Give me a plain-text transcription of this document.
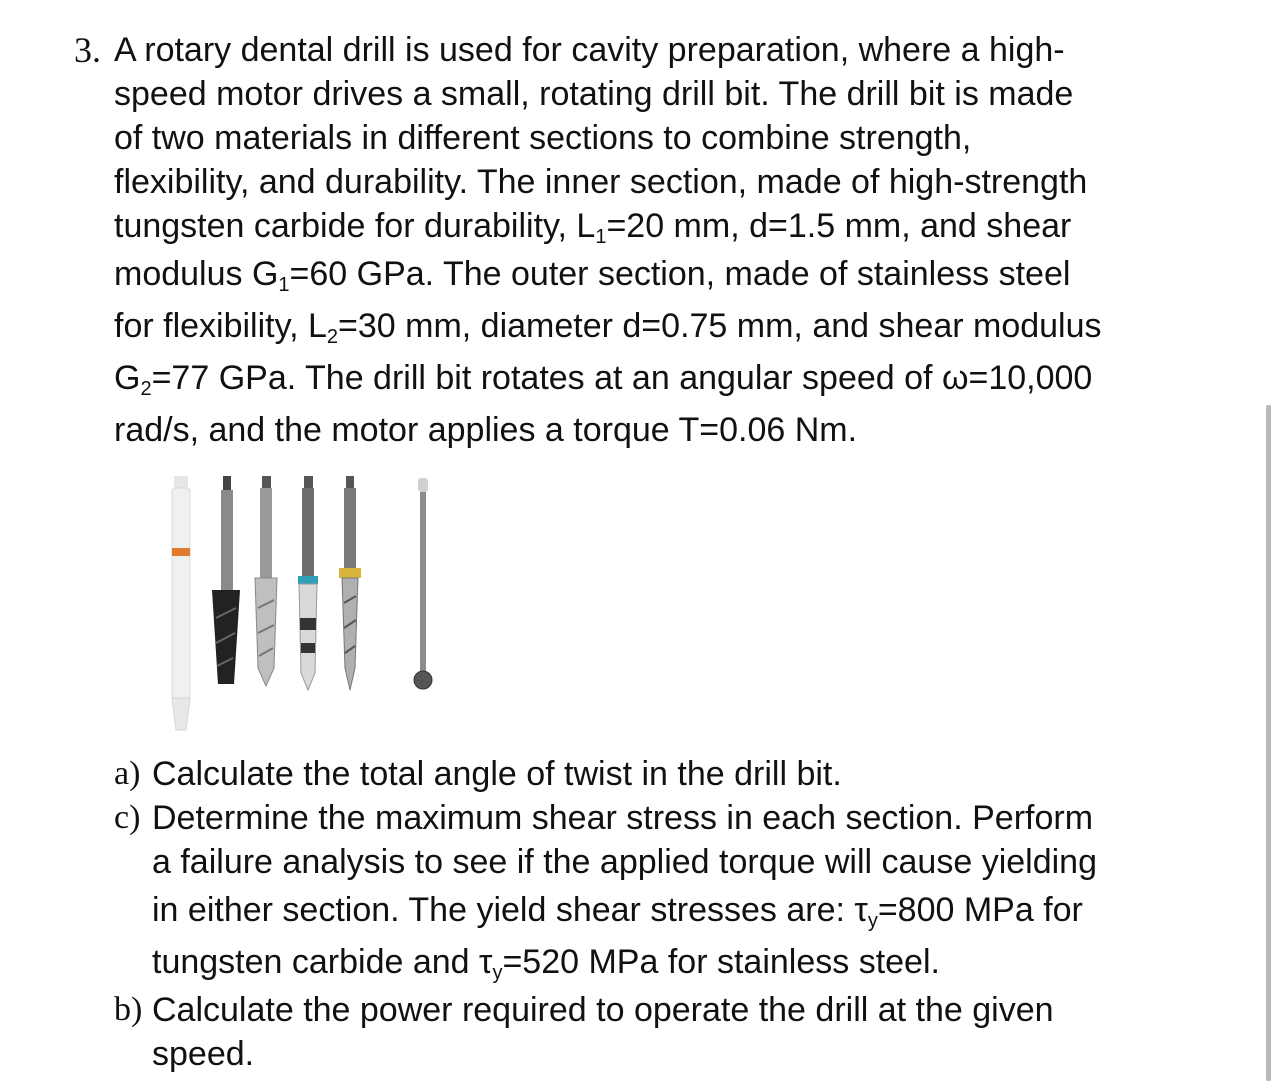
3. A rotary dental drill is used for cavity preparation, where a high-
speed motor drives a small, rotating drill bit. The drill bit is made
of two materials in different sections to combine strength,
flexibility, and durability. The inner section, made of high-strength
tungsten carbide for durability, $L_1=20$ mm, d=1.5 mm, and shear
modulus $G_1=60$ GPa. The outer section, made of stainless steel
for flexibility, $L_2=30$ mm, diameter d=0.75 mm, and shear modulus
$G_2=77$ GPa. The drill bit rotates at an angular speed of ω=10,000
rad/s, and the motor applies a torque T=0.06 Nm.
a) Calculate the total angle of twist in the drill bit.
c) Determine the maximum shear stress in each section. Perform
a failure analysis to see if the applied torque will cause yielding
in either section. The yield shear stresses are: $\tau_y=800$ MPa for
tungsten carbide and $\tau_y=520$ MPa for stainless steel.
b) Calculate the power required to operate the drill at the given
speed.
